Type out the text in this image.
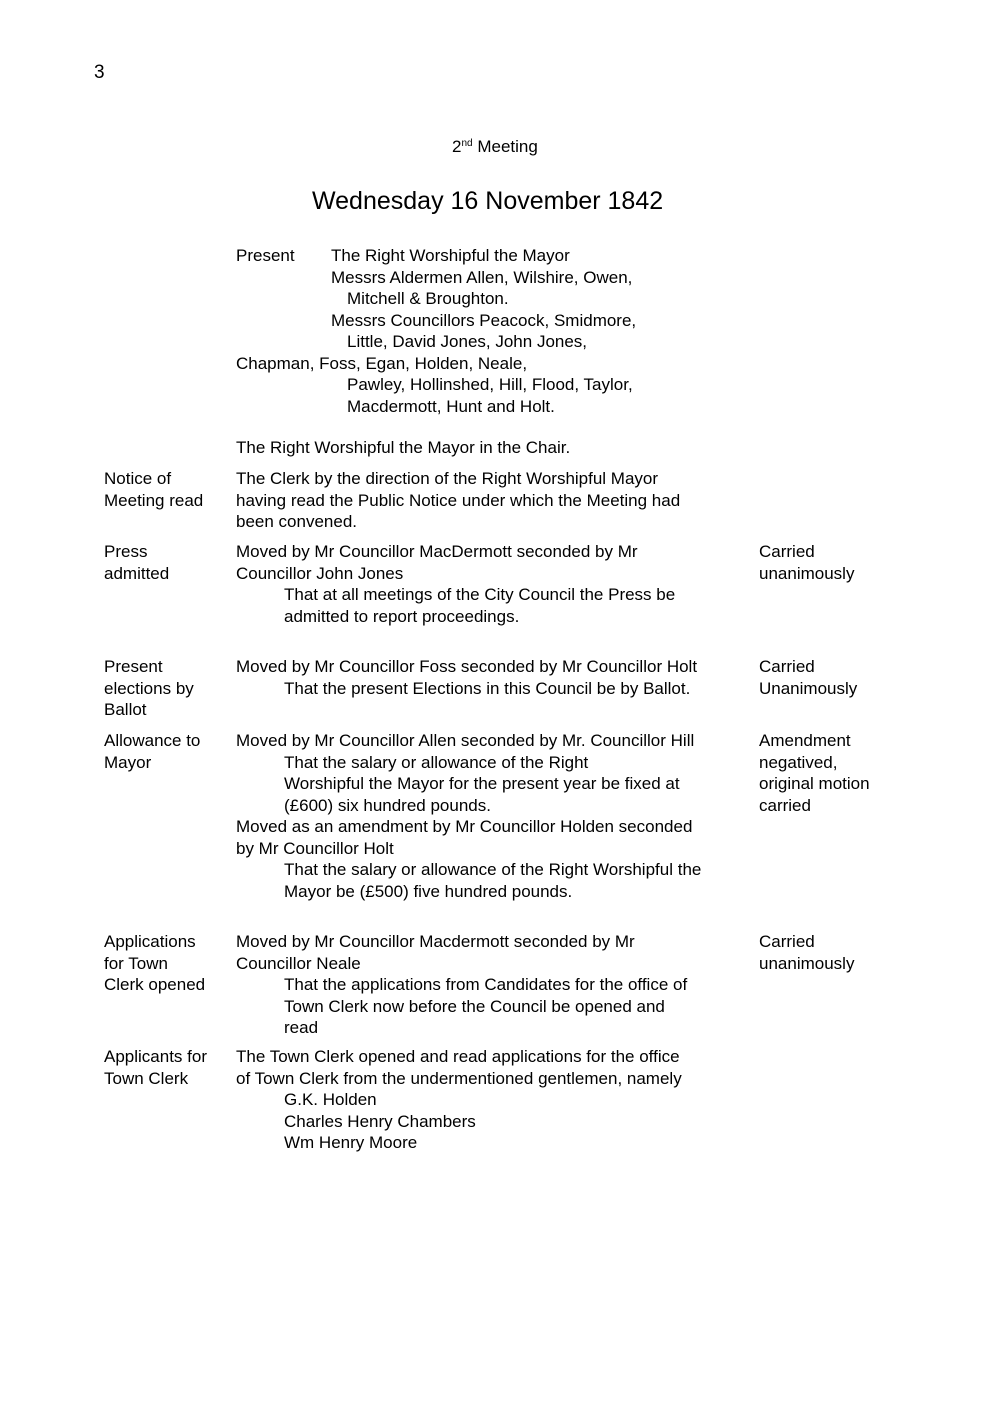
3
2nd Meeting
Wednesday 16 November 1842
Present The Right Worshipful the Mayor
Messrs Aldermen Allen, Wilshire, Owen,
Mitchell & Broughton.
Messrs Councillors Peacock, Smidmore,
Little, David Jones, John Jones,
Chapman, Foss, Egan, Holden, Neale,
Pawley, Hollinshed, Hill, Flood, Taylor,
Macdermott, Hunt and Holt.
The Right Worshipful the Mayor in the Chair.
Notice of
Meeting read
The Clerk by the direction of the Right Worshipful Mayor
having read the Public Notice under which the Meeting had
been convened.
Press
admitted
Moved by Mr Councillor MacDermott seconded by Mr
Councillor John Jones
That at all meetings of the City Council the Press be
admitted to report proceedings.
Carried
unanimously
Present
elections by
Ballot
Moved by Mr Councillor Foss seconded by Mr Councillor Holt
That the present Elections in this Council be by Ballot.
Carried
Unanimously
Allowance to
Mayor
Moved by Mr Councillor Allen seconded by Mr. Councillor Hill
That the salary or allowance of the Right
Worshipful the Mayor for the present year be fixed at
(£600) six hundred pounds.
Moved as an amendment by Mr Councillor Holden seconded
by Mr Councillor Holt
That the salary or allowance of the Right Worshipful the
Mayor be (£500) five hundred pounds.
Amendment
negatived,
original motion
carried
Applications
for Town
Clerk opened
Moved by Mr Councillor Macdermott seconded by Mr
Councillor Neale
That the applications from Candidates for the office of
Town Clerk now before the Council be opened and
read
Carried
unanimously
Applicants for
Town Clerk
The Town Clerk opened and read applications for the office
of Town Clerk from the undermentioned gentlemen, namely
G.K. Holden
Charles Henry Chambers
Wm Henry Moore
